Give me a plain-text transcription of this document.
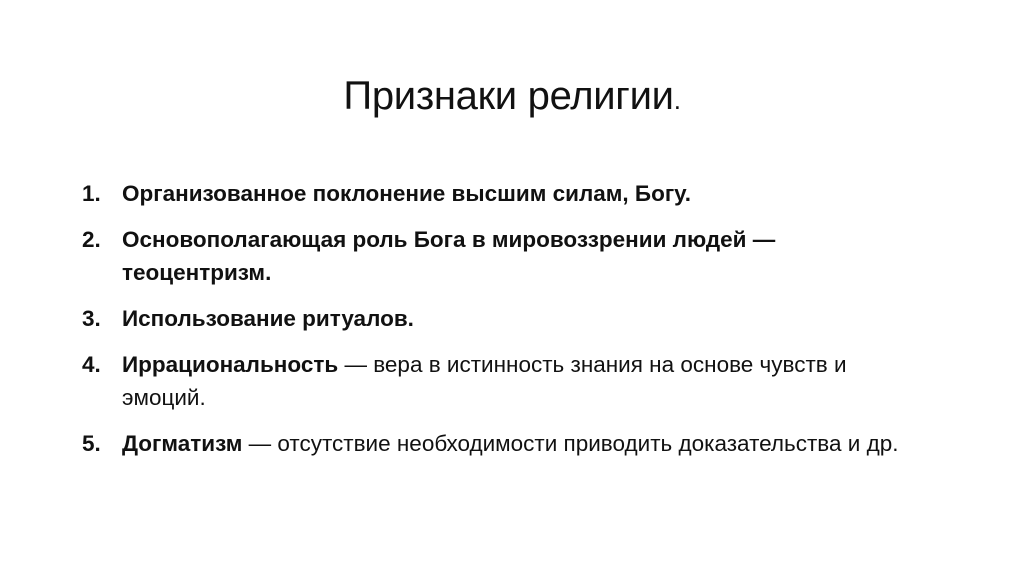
Признаки религии.
1. Организованное поклонение высшим силам, Богу.
2. Основополагающая роль Бога в мировоззрении людей — теоцентризм.
3. Использование ритуалов.
4. Иррациональность — вера в истинность знания на основе чувств и эмоций.
5. Догматизм — отсутствие необходимости приводить доказательства и др.
